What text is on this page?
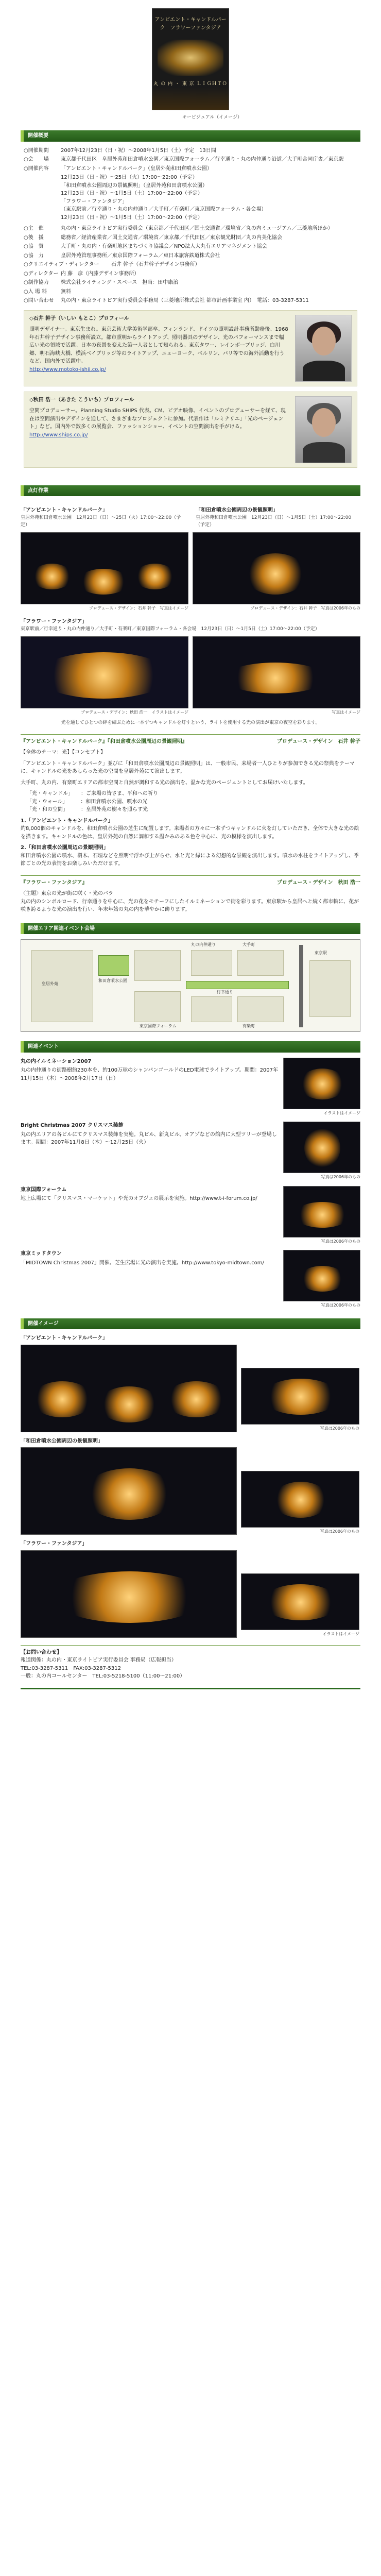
アンビエント・キャンドルパーク　フラワーファンタジア
丸 の 内 ・ 東 京 ＬＩＧＨＴＯ
キービジュアル（イメージ）
開催概要
○開催期間	2007年12月23日（日・祝）～2008年1月5日（土）予定　13日間
○会　　場	東京都千代田区　皇居外苑和田倉噴水公園／東京国際フォーラム／行幸通り・丸の内仲通り沿道／大手町合同庁舎／東京駅
○開催内容	「アンビエント・キャンドルパーク」（皇居外苑和田倉噴水公園）
12月23日（日・祝）～25日（火）17:00～22:00（予定）
「和田倉噴水公園周辺の景観照明」（皇居外苑和田倉噴水公園）
12月23日（日・祝）～1月5日（土）17:00～22:00（予定）
「フラワー・ファンタジア」
（東京駅前／行幸通り・丸の内仲通り／大手町／有楽町／東京国際フォーラム・各会場）
12月23日（日・祝）～1月5日（土）17:00～22:00（予定）
○主　催	丸の内・東京ライトピア実行委員会（東京都／千代田区／国土交通省／環境省／丸の内ミュージアム／三菱地所ほか）
○後　援	総務省／経済産業省／国土交通省／環境省／東京都／千代田区／東京観光財団／丸の内美化協会
○協　賛	大手町・丸の内・有楽町地区まちづくり協議会／NPO法人大丸有エリアマネジメント協会
○協　力	皇居外苑管理事務所／東京国際フォーラム／東日本旅客鉄道株式会社
○クリエイティブ・ディレクター	石井 幹子（石井幹子デザイン事務所）
○ディレクター 内 藤　彦（内藤デザイン事務所）
○制作協力	株式会社ライティング・スペース　担当：田中康治
○入 場 料	無料
○問い合わせ	丸の内・東京ライトピア実行委員会事務局（三菱地所株式会社 都市計画事業室 内）　電話：03-3287-5311
◇石井 幹子（いしい もとこ）プロフィール

照明デザイナー。東京生まれ。東京芸術大学美術学部卒。フィンランド、ドイツの照明設計事務所勤務後、1968年石井幹子デザイン事務所設立。都市照明からライトアップ、照明器具のデザイン、光のパフォーマンスまで幅広い光の領域で活躍。日本の夜景を変えた第一人者として知られる。東京タワー、レインボーブリッジ、白川郷、明石海峡大橋、横浜ベイブリッジ等のライトアップ、ニューヨーク、ベルリン、パリ等での海外活動を行うなど、国内外で活躍中。

http://www.motoko-ishii.co.jp/

◇秋田 浩一（あきた こういち）プロフィール

空間プロデューサー。Planning Studio SHIPS 代表。CM、ビデオ映像、イベントのプロデューサーを経て、現在は空間演出やデザインを通して、さまざまなプロジェクトに参加。代表作は「ルミナリエ」「光のページェント」など。国内外で数多くの展覧会、ファッションショー、イベントの空間演出を手がける。

http://www.ships.co.jp/

点灯作業
「アンビエント・キャンドルパーク」
皇居外苑和田倉噴水公園　12月23日（日）～25日（火）17:00～22:00（予定）
「和田倉噴水公園周辺の景観照明」
皇居外苑和田倉噴水公園　12月23日（日）～1月5日（土）17:00～22:00（予定）
プロデュース・デザイン：石井 幹子　写真はイメージ	プロデュース・デザイン：石井 幹子　写真は2006年のもの
「フラワー・ファンタジア」
東京駅前／行幸通り・丸の内仲通り／大手町・有楽町／東京国際フォーラム・各会場　12月23日（日）～1月5日（土）17:00～22:00（予定）
プロデュース・デザイン：秋田 浩一　イラストはイメージ	写真はイメージ
光を通じてひとつの絆を結ぶために一本ずつキャンドルを灯すという、ライトを使用する光の演出が東京の夜空を彩ります。
『アンビエント・キャンドルパーク』『和田倉噴水公園周辺の景観照明』	プロデュース・デザイン　石井 幹子
【全体のテーマ：光】【コンセプト】
「アンビエント・キャンドルパーク」並びに「和田倉噴水公園周辺の景観照明」は、一般市民、来場者一人ひとりが参加できる光の祭典をテーマに、キャンドルの光をあしらった光の空間を皇居外苑にて演出します。
大手町、丸の内、有楽町エリアの都市空間と自然が調和する光の演出を、温かな光のページェントとしてお届けいたします。
「光・キャンドル」　　：ご来場の皆さま、平和への祈り
「光・ウォール」　　　：和田倉噴水公園、噴水の光
「光・和の空間」　　　：皇居外苑の樹々を照らす光
1.「アンビエント・キャンドルパーク」
約8,000個のキャンドルを、和田倉噴水公園の芝生に配置します。来場者の方々に一本ずつキャンドルに火を灯していただき、全体で大きな光の絵を描きます。キャンドルの色は、皇居外苑の自然に調和する温かみのある色を中心に、光の模様を演出します。
2.「和田倉噴水公園周辺の景観照明」
和田倉噴水公園の噴水、樹木、石垣などを照明で浮かび上がらせ、水と光と緑による幻想的な景観を演出します。噴水の水柱をライトアップし、季節ごとの光の表情をお楽しみいただけます。
『フラワー・ファンタジア』	プロデュース・デザイン　秋田 浩一
〈主題〉東京の光が街に咲く・光のバラ
丸の内のシンボルロード、行幸通りを中心に、光の花をモチーフにしたイルミネーションで街を彩ります。東京駅から皇居へと続く都市軸に、花が咲き誇るような光の演出を行い、年末年始の丸の内を華やかに飾ります。
開催エリア関連イベント会場
皇居外苑
和田倉噴水公園
行幸通り
丸の内仲通り
東京駅
大手町
有楽町
東京国際フォーラム
関連イベント
丸の内イルミネーション2007

丸の内仲通りの街路樹約230本を、約100万球のシャンパンゴールドのLED電球でライトアップ。期間：2007年11月15日（木）～2008年2月17日（日）

イラストはイメージ
Bright Christmas 2007 クリスマス装飾

丸の内エリアの各ビルにてクリスマス装飾を実施。丸ビル、新丸ビル、オアゾなどの館内に大型ツリーが登場します。期間：2007年11月8日（木）～12月25日（火）

写真は2006年のもの
東京国際フォーラム

地上広場にて「クリスマス・マーケット」や光のオブジェの展示を実施。http://www.t-i-forum.co.jp/

写真は2006年のもの
東京ミッドタウン

「MIDTOWN Christmas 2007」開催。芝生広場に光の演出を実施。http://www.tokyo-midtown.com/

写真は2006年のもの
開催イメージ
「アンビエント・キャンドルパーク」
写真は2006年のもの
「和田倉噴水公園周辺の景観照明」
写真は2006年のもの
「フラワー・ファンタジア」
イラストはイメージ
【お問い合わせ】
報道関係：丸の内・東京ライトピア実行委員会 事務局（広報担当）
TEL:03-3287-5311　FAX:03-3287-5312
一般：丸の内コールセンター　TEL:03-5218-5100（11:00～21:00）
